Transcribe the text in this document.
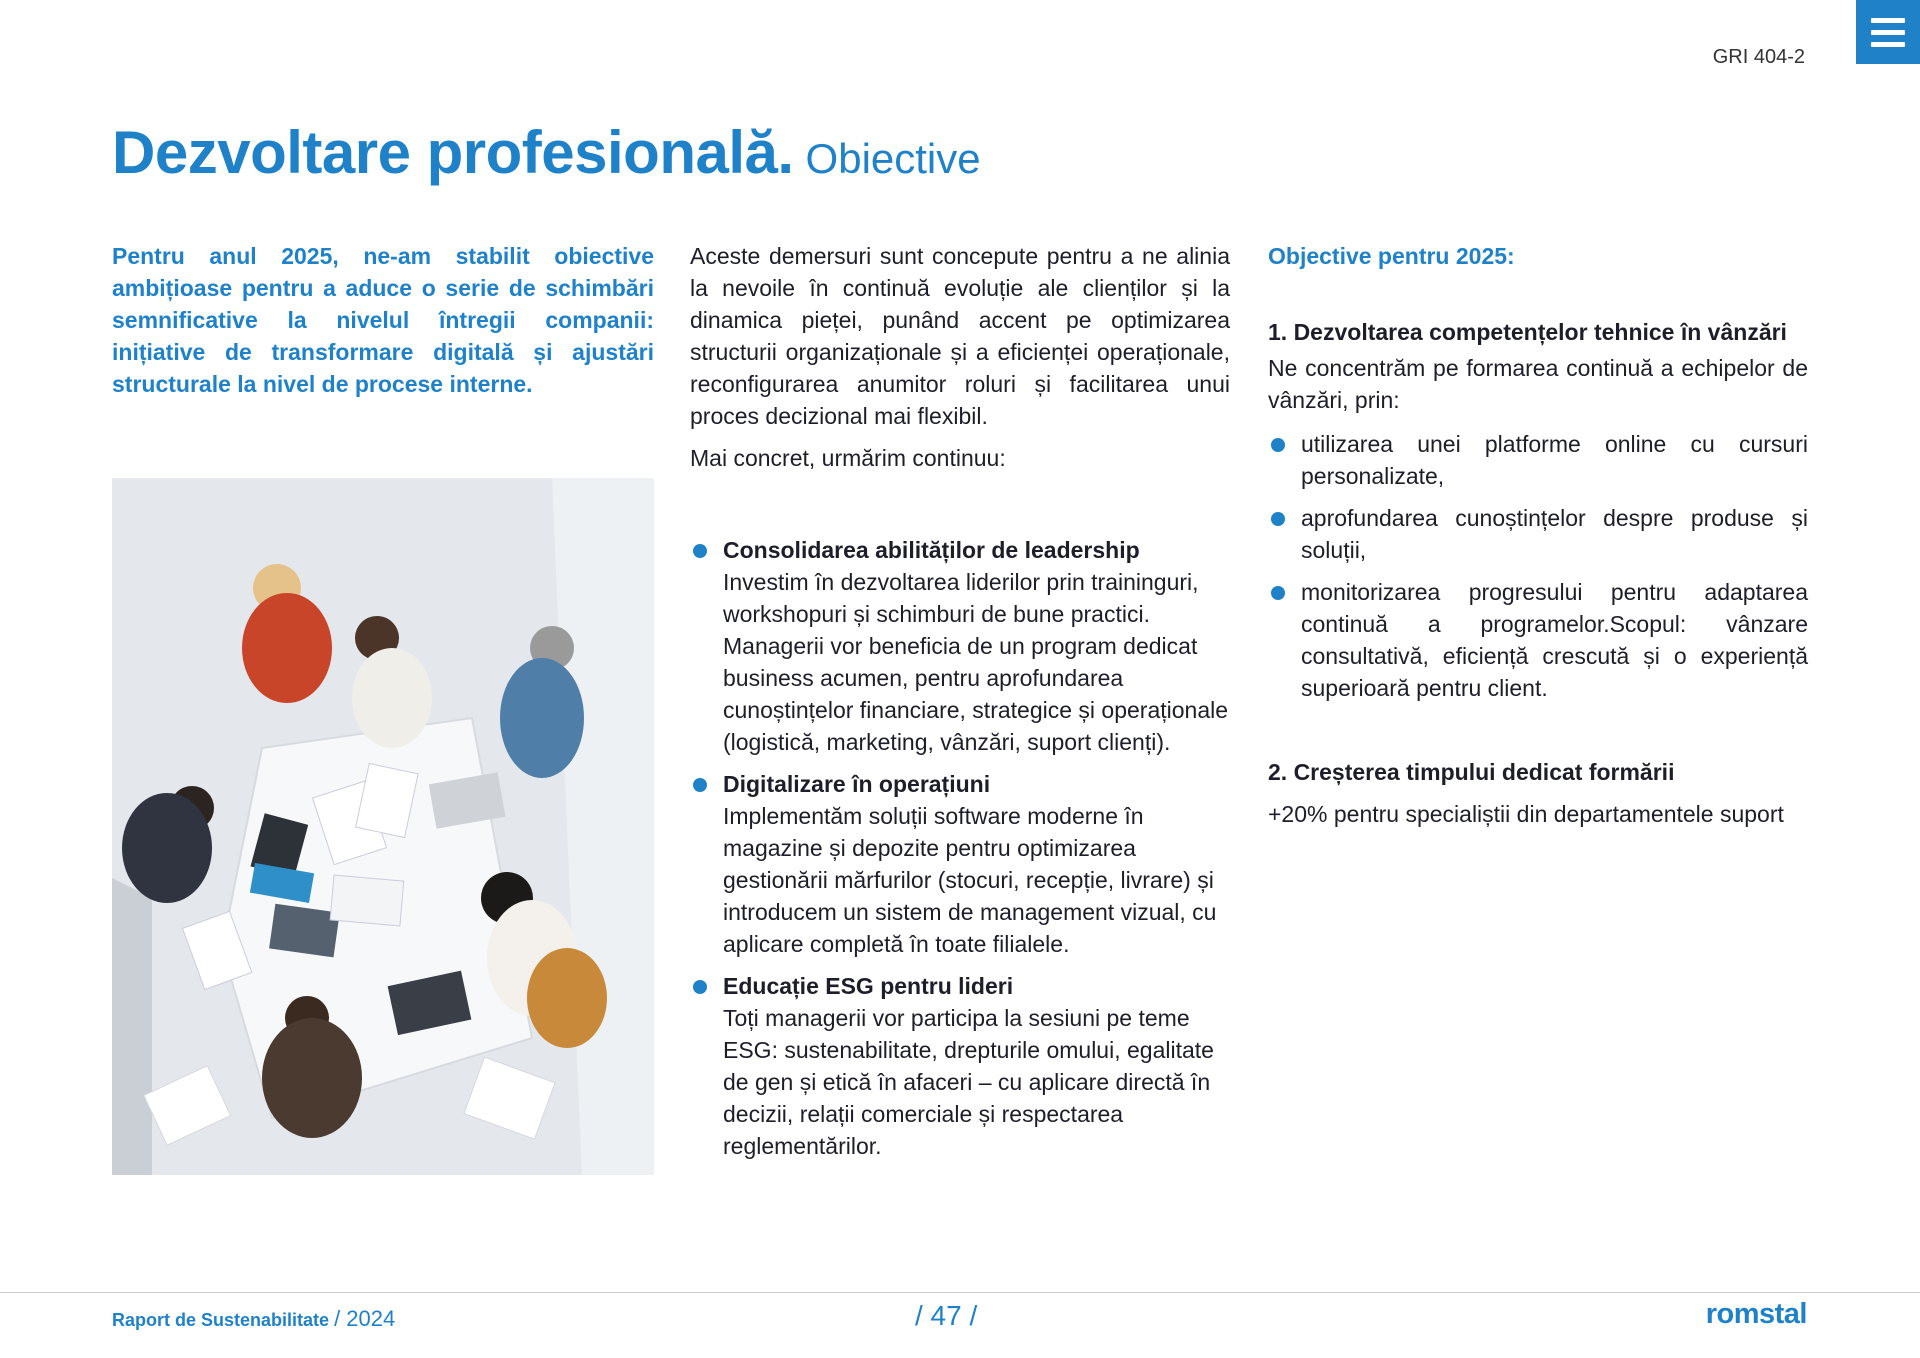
GRI 404-2
Dezvoltare profesională. Obiective

Pentru anul 2025, ne-am stabilit obiective ambițioase pentru a aduce o serie de schimbări semnificative la nivelul întregii companii: inițiative de transformare digitală și ajustări structurale la nivel de procese interne.

Aceste demersuri sunt concepute pentru a ne alinia la nevoile în continuă evoluție ale clienților și la dinamica pieței, punând accent pe optimizarea structurii organizaționale și a eficienței operaționale, reconfigurarea anumitor roluri și facilitarea unui proces decizional mai flexibil.

Mai concret, urmărim continuu:

Consolidarea abilităților de leadership
Investim în dezvoltarea liderilor prin traininguri, workshopuri și schimburi de bune practici. Managerii vor beneficia de un program dedicat business acumen, pentru aprofundarea cunoștințelor financiare, strategice și operaționale (logistică, marketing, vânzări, suport clienți).
Digitalizare în operațiuni
Implementăm soluții software moderne în magazine și depozite pentru optimizarea gestionării mărfurilor (stocuri, recepție, livrare) și introducem un sistem de management vizual, cu aplicare completă în toate filialele.
Educație ESG pentru lideri
Toți managerii vor participa la sesiuni pe teme ESG: sustenabilitate, drepturile omului, egalitate de gen și etică în afaceri – cu aplicare directă în decizii, relații comerciale și respectarea reglementărilor.

Objective pentru 2025:

1. Dezvoltarea competențelor tehnice în vânzări

Ne concentrăm pe formarea continuă a echipelor de vânzări, prin:

utilizarea unei platforme online cu cursuri personalizate,
aprofundarea cunoștințelor despre produse și soluții,
monitorizarea progresului pentru adaptarea continuă a programelor.Scopul: vânzare consultativă, eficiență crescută și o experiență superioară pentru client.

2. Creșterea timpului dedicat formării

+20% pentru specialiștii din departamentele suport

Raport de Sustenabilitate / 2024	/ 47 /	romstal
